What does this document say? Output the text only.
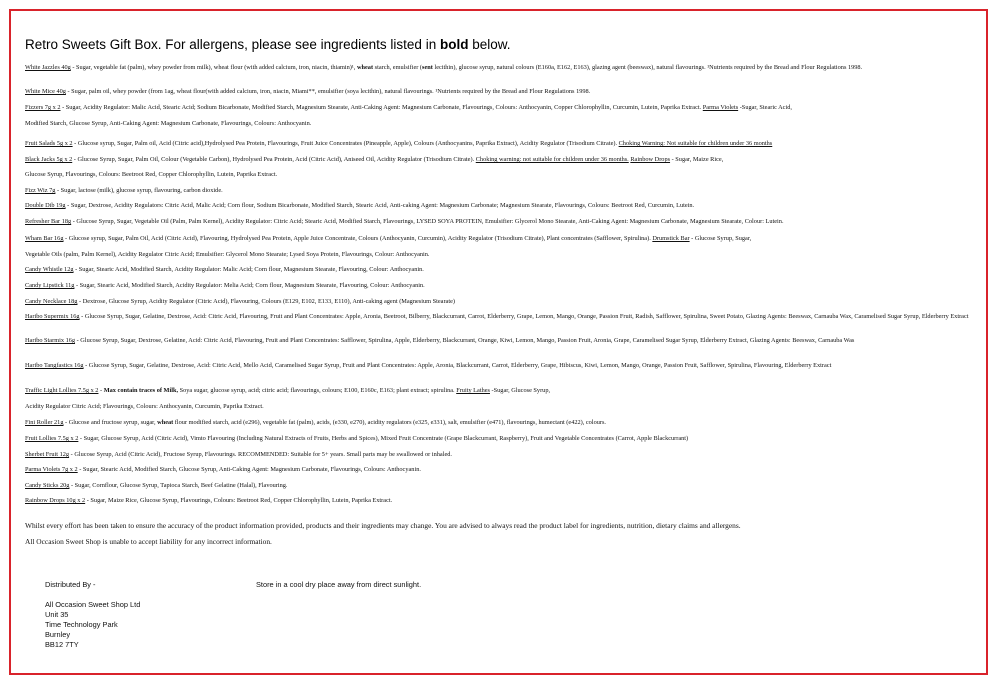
Retro Sweets Gift Box. For allergens, please see ingredients listed in bold below.
Whilst every effort has been taken to ensure the accuracy of the product information provided, products and their ingredients may change. You are advised to always read the product label for ingredients, nutrition, dietary claims and allergens.
All Occasion Sweet Shop is unable to accept liability for any incorrect information.
Distributed By -
All Occasion Sweet Shop Ltd
Unit 35
Time Technology Park
Burnley
BB12 7TY
Store in a cool dry place away from direct sunlight.
White Jazzles 40g - Sugar, vegetable fat (palm), whey powder from milk), wheat flour (with added calcium, iron, niacin, thiamin)¹, wheat starch, emulsifier (sent lecithin), glucose syrup, natural colours (E160a, E162, E163), glazing agent (beeswax), natural flavourings. ¹Nutrients required by the Bread and Flour Regulations 1998.
White Mice 40g - Sugar, palm oil, whey powder (from 1ag, wheat flour(with added calcium, iron, niacin, Miami**, emulsifier (soya lecithin), natural flavourings. ¹Nutrients required by the Bread and Flour Regulations 1998.
Fizzers 7g x 2 - Sugar, Acidity Regulator: Malic Acid, Stearic Acid; Sodium Bicarbonate, Modified Starch, Magnesium Stearate, Anti-Caking Agent: Magnesium Carbonate, Flavourings, Colours: Anthocyanin, Copper Chlorophyllin, Curcumin, Lutein, Paprika Extract. Parma Violets -Sugar, Stearic Acid,
Modified Starch, Glucose Syrup, Anti-Caking Agent: Magnesium Carbonate, Flavourings, Colours: Anthocyanin.
Fruit Salads 5g x 2 - Glucose syrup, Sugar, Palm oil, Acid (Citric acid),Hydrolysed Pea Protein, Flavourings, Fruit Juice Concentrates (Pineapple, Apple), Colours (Anthocyanins, Paprika Extract), Acidity Regulator (Trisodium Citrate). Choking Warning: Not suitable for children under 36 months
Black Jacks 5g x 2 - Glucose Syrup, Sugar, Palm Oil, Colour (Vegetable Carbon), Hydrolysed Pea Protein, Acid (Citric Acid), Aniseed Oil, Acidity Regulator (Trisodium Citrate). Choking warning: not suitable for children under 36 months. Rainbow Drops - Sugar, Maize Rice,
Glucose Syrup, Flavourings, Colours: Beetroot Red, Copper Chlorophyllin, Lutein, Paprika Extract.
Fizz Wiz 7g - Sugar, lactose (milk), glucose syrup, flavouring, carbon dioxide.
Double Dib 19g - Sugar, Dextrose, Acidity Regulators: Citric Acid, Malic Acid; Corn flour, Sodium Bicarbonate, Modified Starch, Stearic Acid, Anti-caking Agent: Magnesium Carbonate; Magnesium Stearate, Flavourings, Colours: Beetroot Red, Curcumin, Lutein.
Refresher Bar 18g - Glucose Syrup, Sugar, Vegetable Oil (Palm, Palm Kernel), Acidity Regulator: Citric Acid; Stearic Acid, Modified Starch, Flavourings, LYSED SOYA PROTEIN, Emulsifier: Glycerol Mono Stearate, Anti-Caking Agent: Magnesium Carbonate, Magnesium Stearate, Colour: Lutein.
Wham Bar 16g - Glucose syrup, Sugar, Palm Oil, Acid (Citric Acid), Flavouring, Hydrolysed Pea Protein, Apple Juice Concentrate, Colours (Anthocyanin, Curcumin), Acidity Regulator (Trisodium Citrate), Plant concentrates (Safflower, Spirulina). Drumstick Bar - Glucose Syrup, Sugar,
Vegetable Oils (palm, Palm Kernel), Acidity Regulator Citric Acid; Emulsifier: Glycerol Mono Stearate; Lysed Soya Protein, Flavourings, Colour: Anthocyanin.
Candy Whistle 12g - Sugar, Stearic Acid, Modified Starch, Acidity Regulator: Malic Acid; Corn flour, Magnesium Stearate, Flavouring, Colour: Anthocyanin.
Candy Lipstick 11g - Sugar, Stearic Acid, Modified Starch, Acidity Regulator: Melia Acid; Corn flour, Magnesium Stearate, Flavouring, Colour: Anthocyanin.
Candy Necklace 18g - Dextrose, Glucose Syrup, Acidity Regulator (Citric Acid), Flavouring, Colours (E129, E102, E133, E110), Anti-caking agent (Magnesium Stearate)
Haribo Supermix 16g - Glucose Syrup, Sugar, Gelatine, Dextrose, Acid: Citric Acid, Flavouring, Fruit and Plant Concentrates: Apple, Aronia, Beetroot, Bilberry, Blackcurrant, Carrot, Elderberry, Grape, Lemon, Mango, Orange, Passion Fruit, Radish, Safflower, Spirulina, Sweet Potato, Glazing Agents: Beeswax, Carnauba Wax, Caramelised Sugar Syrup, Elderberry Extract
Haribo Starmix 16g - Glucose Syrup, Sugar, Dextrose, Gelatine, Acid: Citric Acid, Flavouring, Fruit and Plant Concentrates: Safflower, Spirulina, Apple, Elderberry, Blackcurrant, Orange, Kiwi, Lemon, Mango, Passion Fruit, Aronia, Grape, Caramelised Sugar Syrup, Elderberry Extract, Glazing Agents: Beeswax, Carnauba Was
Haribo Tangfastics 16g - Glucose Syrup, Sugar, Gelatine, Dextrose, Acid: Citric Acid, Mello Acid, Caramelised Sugar Syrup, Fruit and Plant Concentrates: Apple, Aronia, Blackcurrant, Carrot, Elderberry, Grape, Hibiscus, Kiwi, Lemon, Mango, Orange, Passion Fruit, Safflower, Spirulina, Flavouring, Elderberry Extract
Traffic Light Lollies 7.5g x 2 - Max contain traces of Milk, Soya sugar, glucose syrup, acid; citric acid; flavourings, colours; E100, E160c, E163; plant extract; spirulina. Fruity Lathes -Sugar, Glucose Syrup,
Acidity Regulator Citric Acid; Flavourings, Colours: Anthocyanin, Curcumin, Paprika Extract.
Fini Roller 21g - Glucose and fructose syrup, sugar, wheat flour modified starch, acid (e296), vegetable fat (palm), acids, (e330, e270), acidity regulators (e325, e331), salt, emulsifier (e471), flavourings, humectant (e422), colours.
Fruit Lollies 7.5g x 2 - Sugar, Glucose Syrup, Acid (Citric Acid), Vimto Flavouring (Including Natural Extracts of Fruits, Herbs and Spices), Mixed Fruit Concentrate (Grape Blackcurrant, Raspberry), Fruit and Vegetable Concentrates (Carrot, Apple Blackcurrant)
Sherbet Fruit 12g - Glucose Syrup, Acid (Citric Acid), Fructose Syrup, Flavourings. RECOMMENDED: Suitable for 5+ years. Small parts may be swallowed or inhaled.
Parma Violets 7g x 2 - Sugar, Stearic Acid, Modified Starch, Glucose Syrup, Anti-Caking Agent: Magnesium Carbonate, Flavourings, Colours: Anthocyanin.
Candy Sticks 20g - Sugar, Cornflour, Glucose Syrup, Tapioca Starch, Beef Gelatine (Halal), Flavouring.
Rainbow Drops 10g x 2 - Sugar, Maize Rice, Glucose Syrup, Flavourings, Colours: Beetroot Red, Copper Chlorophyllin, Lutein, Paprika Extract.
